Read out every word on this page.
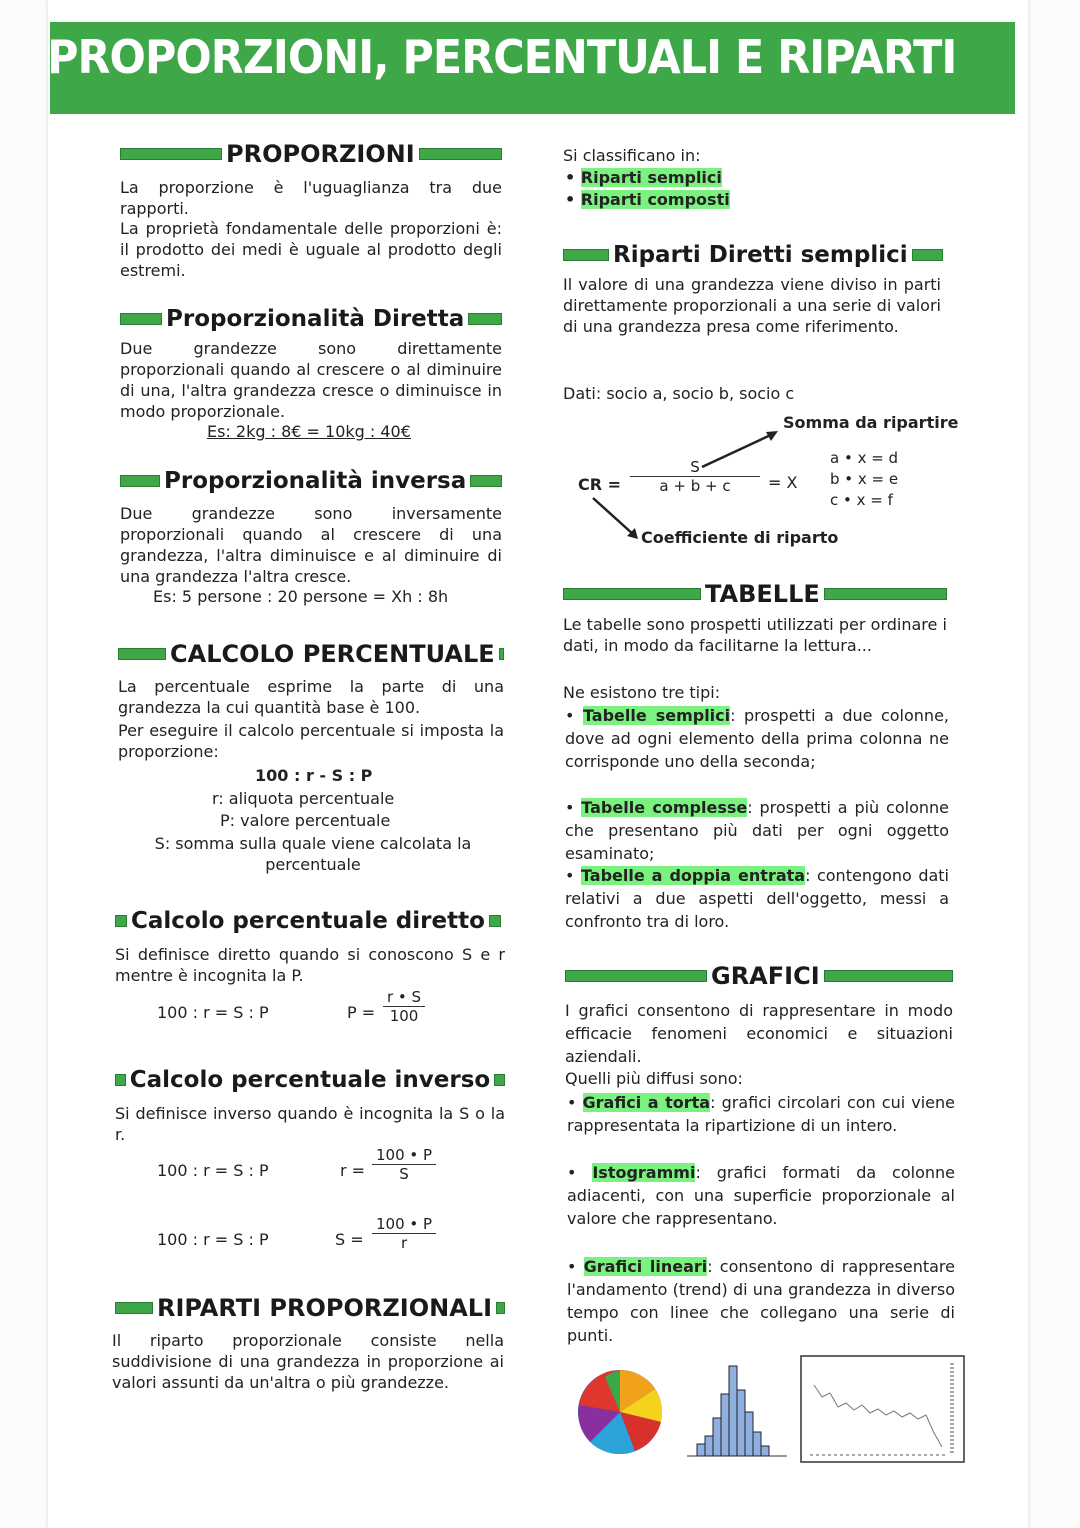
PROPORZIONI, PERCENTUALI E RIPARTI
PROPORZIONI
La proporzione è l'uguaglianza tra due rapporti.
La proprietà fondamentale delle proporzioni è: il prodotto dei medi è uguale al prodotto degli estremi.
Proporzionalità Diretta
Due grandezze sono direttamente proporzionali quando al crescere o al diminuire di una, l'altra grandezza cresce o diminuisce in modo proporzionale.
Es: 2kg : 8€ = 10kg : 40€
Proporzionalità inversa
Due grandezze sono inversamente proporzionali quando al crescere di una grandezza, l'altra diminuisce e al diminuire di una grandezza l'altra cresce.
Es: 5 persone : 20 persone = Xh : 8h
CALCOLO PERCENTUALE
La percentuale esprime la parte di una grandezza la cui quantità base è 100.
Per eseguire il calcolo percentuale si imposta la proporzione:
100 : r - S : P
r: aliquota percentuale
P: valore percentuale
S: somma sulla quale viene calcolata la percentuale
Calcolo percentuale diretto
Si definisce diretto quando si conoscono S e r mentre è incognita la P.
100 : r = S : P	$P = \frac{r • S}{100}$
Calcolo percentuale inverso
Si definisce inverso quando è incognita la S o la r.
100 : r = S : P	$r = \frac{100 • P}{S}$
100 : r = S : P	$S = \frac{100 • P}{r}$
RIPARTI PROPORZIONALI
Il riparto proporzionale consiste nella suddivisione di una grandezza in proporzione ai valori assunti da un'altra o più grandezze.
Si classificano in:
• Riparti semplici
• Riparti composti
Riparti Diretti semplici
Il valore di una grandezza viene diviso in parti direttamente proporzionali a una serie di valori di una grandezza presa come riferimento.
Dati: socio a, socio b, socio c
Somma da ripartire
CR = $\frac{S}{a + b + c} = X$
a • x = d
b • x = e
c • x = f
Coefficiente di riparto
TABELLE
Le tabelle sono prospetti utilizzati per ordinare i dati, in modo da facilitarne la lettura...
Ne esistono tre tipi:
• Tabelle semplici: prospetti a due colonne, dove ad ogni elemento della prima colonna ne corrisponde uno della seconda;
• Tabelle complesse: prospetti a più colonne che presentano più dati per ogni oggetto esaminato;
• Tabelle a doppia entrata: contengono dati relativi a due aspetti dell'oggetto, messi a confronto tra di loro.
GRAFICI
I grafici consentono di rappresentare in modo efficacie fenomeni economici e situazioni aziendali.
Quelli più diffusi sono:
• Grafici a torta: grafici circolari con cui viene rappresentata la ripartizione di un intero.
• Istogrammi: grafici formati da colonne adiacenti, con una superficie proporzionale al valore che rappresentano.
• Grafici lineari: consentono di rappresentare l'andamento (trend) di una grandezza in diverso tempo con linee che collegano una serie di punti.
